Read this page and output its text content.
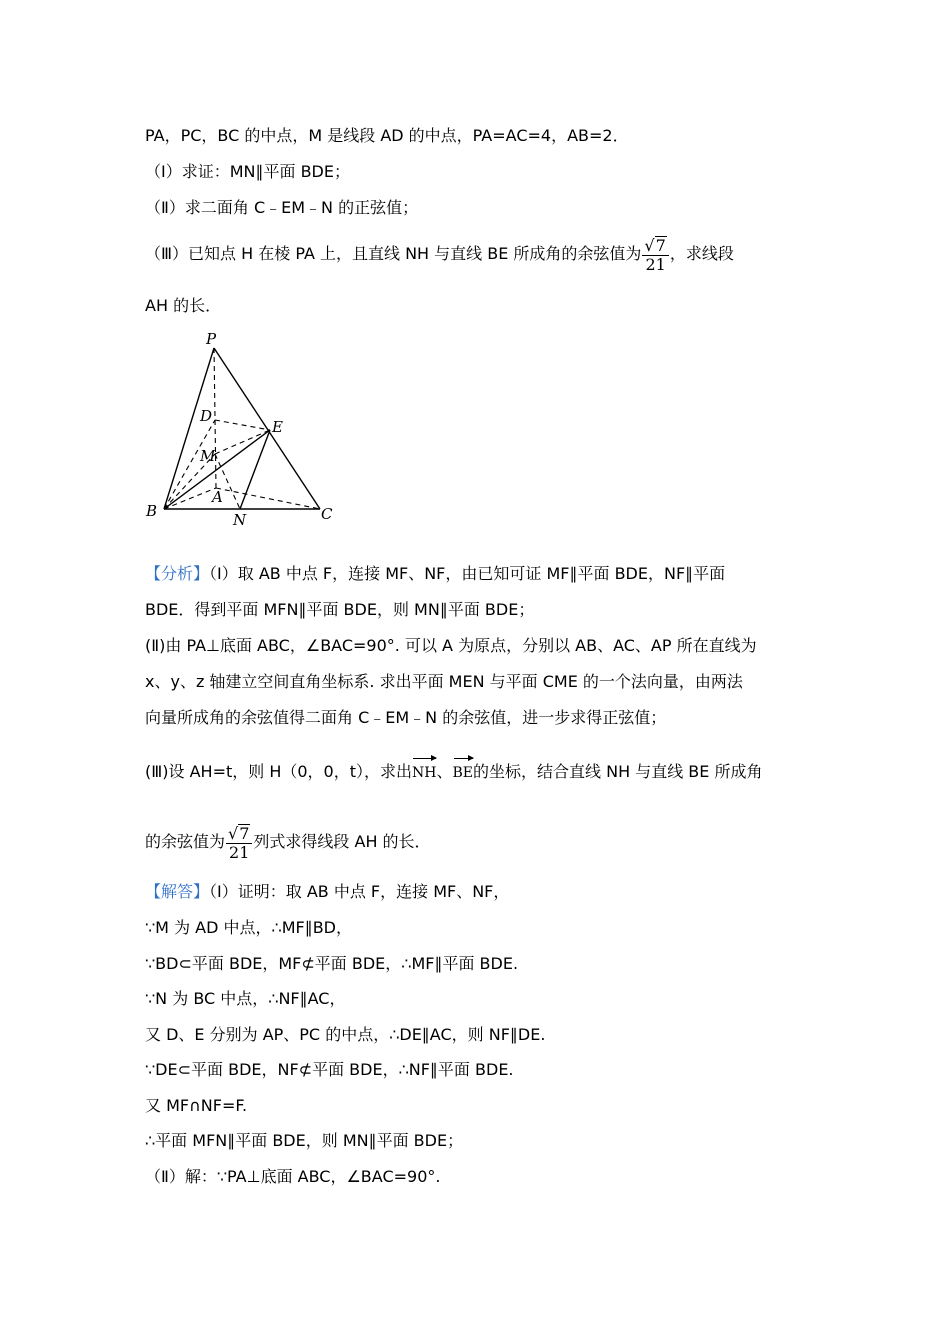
PA，PC，BC 的中点，M 是线段 AD 的中点，PA=AC=4，AB=2．
（Ⅰ）求证：MN∥平面 BDE；
（Ⅱ）求二面角 C﹣EM﹣N 的正弦值；
（Ⅲ）已知点 H 在棱 PA 上，且直线 NH 与直线 BE 所成角的余弦值为 $\frac{√7}{21}$ ，求线段
AH 的长．
P
D
E
M
A
B	N	C
【分析】（Ⅰ）取 AB 中点 F，连接 MF、NF，由已知可证 MF∥平面 BDE，NF∥平面
BDE．得到平面 MFN∥平面 BDE，则 MN∥平面 BDE；
(Ⅱ)由 PA⊥底面 ABC，∠BAC=90°. 可以 A 为原点，分别以 AB、AC、AP 所在直线为
x、y、z 轴建立空间直角坐标系. 求出平面 MEN 与平面 CME 的一个法向量，由两法
向量所成角的余弦值得二面角 C﹣EM﹣N 的余弦值，进一步求得正弦值；
(Ⅲ)设 AH=t，则 H（0，0，t），求出NH、BE的坐标，结合直线 NH 与直线 BE 所成角
的余弦值为 $\frac{√7}{21}$ 列式求得线段 AH 的长．
【解答】（Ⅰ）证明：取 AB 中点 F，连接 MF、NF，
∵M 为 AD 中点，∴MF∥BD，
∵BD⊂平面 BDE，MF⊄平面 BDE，∴MF∥平面 BDE.
∵N 为 BC 中点，∴NF∥AC，
又 D、E 分别为 AP、PC 的中点，∴DE∥AC，则 NF∥DE.
∵DE⊂平面 BDE，NF⊄平面 BDE，∴NF∥平面 BDE.
又 MF∩NF=F.
∴平面 MFN∥平面 BDE，则 MN∥平面 BDE；
（Ⅱ）解：∵PA⊥底面 ABC，∠BAC=90°.
